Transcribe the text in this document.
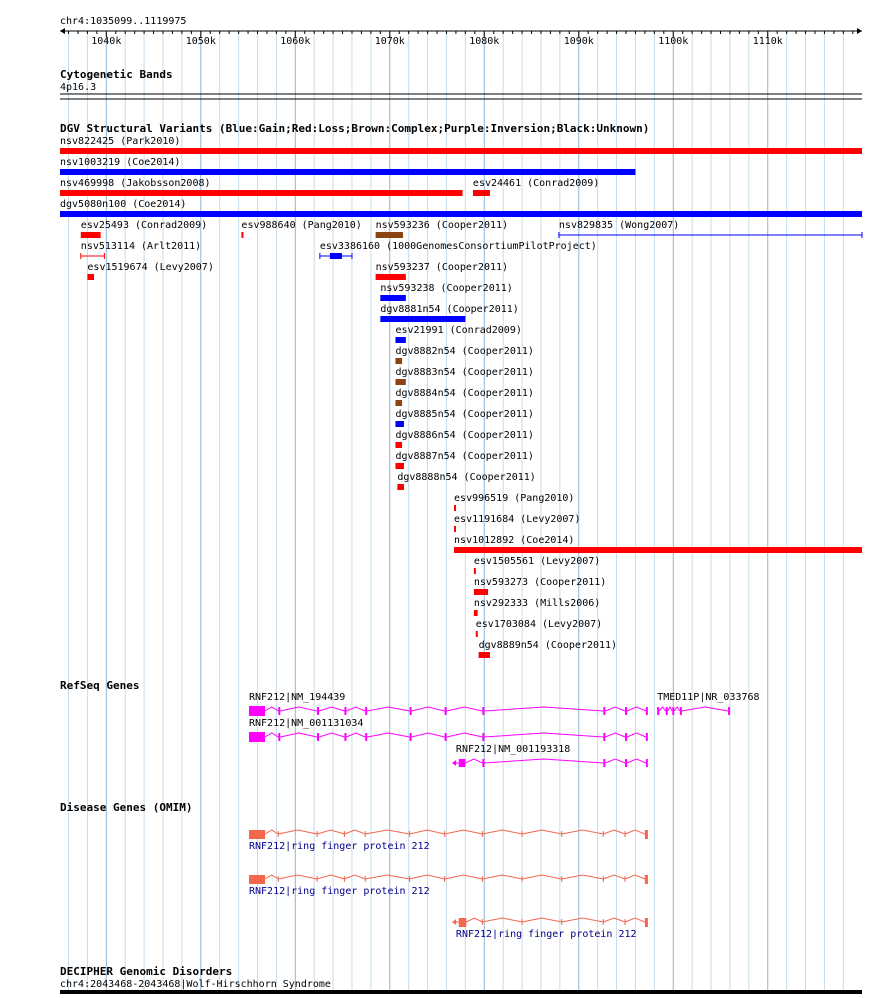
chr4:1035099..1119975
1040k	1050k	1060k	1070k	1080k	1090k	1100k	1110k
Cytogenetic Bands
4p16.3
DGV Structural Variants (Blue:Gain;Red:Loss;Brown:Complex;Purple:Inversion;Black:Unknown)
nsv822425 (Park2010)
nsv1003219 (Coe2014)
nsv469998 (Jakobsson2008)	esv24461 (Conrad2009)
dgv5080n100 (Coe2014)
esv25493 (Conrad2009)	esv988640 (Pang2010) nsv593236 (Cooper2011)	nsv829835 (Wong2007)
nsv513114 (Arlt2011)	esv3386160 (1000GenomesConsortiumPilotProject)
esv1519674 (Levy2007)	nsv593237 (Cooper2011)
nsv593238 (Cooper2011)
dgv8881n54 (Cooper2011)
esv21991 (Conrad2009)
dgv8882n54 (Cooper2011)
dgv8883n54 (Cooper2011)
dgv8884n54 (Cooper2011)
dgv8885n54 (Cooper2011)
dgv8886n54 (Cooper2011)
dgv8887n54 (Cooper2011)
dgv8888n54 (Cooper2011)
esv996519 (Pang2010)
esv1191684 (Levy2007)
nsv1012892 (Coe2014)
esv1505561 (Levy2007)
nsv593273 (Cooper2011)
nsv292333 (Mills2006)
esv1703084 (Levy2007)
dgv8889n54 (Cooper2011)
RefSeq Genes
RNF212|NM_194439	TMED11P|NR_033768
RNF212|NM_001131034
RNF212|NM_001193318
Disease Genes (OMIM)
RNF212|ring finger protein 212
RNF212|ring finger protein 212
RNF212|ring finger protein 212
DECIPHER Genomic Disorders
chr4:2043468-2043468|Wolf-Hirschhorn Syndrome
